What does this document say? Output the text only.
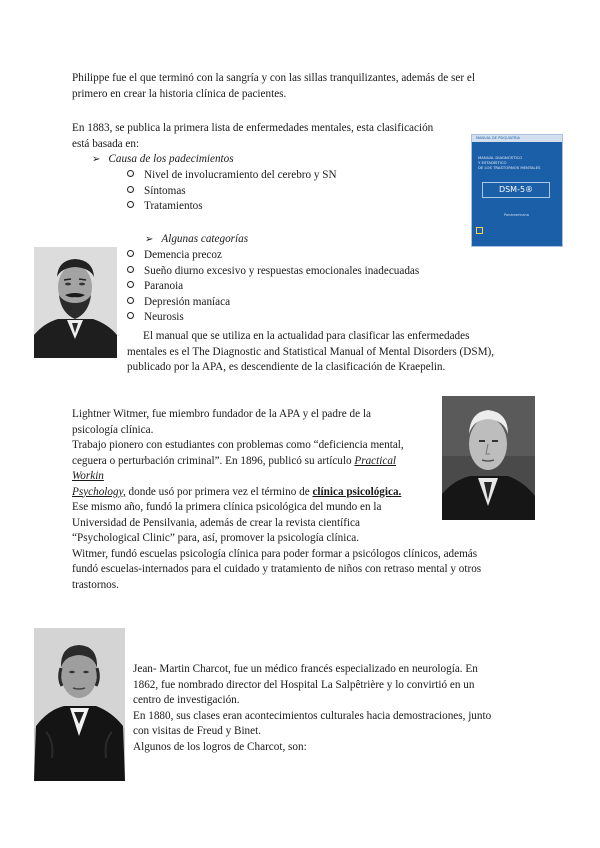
Philippe fue el que terminó con la sangría y con las sillas tranquilizantes, además de ser el
primero en crear la historia clínica de pacientes.
En 1883, se publica la primera lista de enfermedades mentales, esta clasificación
está basada en:
➢ Causa de los padecimientos
Nivel de involucramiento del cerebro y SN
Síntomas
Tratamientos
MANUAL DE PSIQUIATRÍA
MANUAL DIAGNÓSTICO
Y ESTADÍSTICO
DE LOS TRASTORNOS MENTALES
DSM-5®
Panamericana
➢ Algunas categorías
Demencia precoz
Sueño diurno excesivo y respuestas emocionales inadecuadas
Paranoia
Depresión maníaca
Neurosis
El manual que se utiliza en la actualidad para clasificar las enfermedades
mentales es el The Diagnostic and Statistical Manual of Mental Disorders (DSM),
publicado por la APA, es descendiente de la clasificación de Kraepelin.
Lightner Witmer, fue miembro fundador de la APA y el padre de la
psicología clínica.
Trabajo pionero con estudiantes con problemas como “deficiencia mental,
ceguera o perturbación criminal”. En 1896, publicó su artículo Practical
Workin
Psychology, donde usó por primera vez el término de clínica psicológica.
Ese mismo año, fundó la primera clínica psicológica del mundo en la
Universidad de Pensilvania, además de crear la revista científica
“Psychological Clinic” para, así, promover la psicología clínica.
Witmer, fundó escuelas psicología clínica para poder formar a psicólogos clínicos, además
fundó escuelas-internados para el cuidado y tratamiento de niños con retraso mental y otros
trastornos.
Jean- Martin Charcot, fue un médico francés especializado en neurología. En
1862, fue nombrado director del Hospital La Salpêtrière y lo convirtió en un
centro de investigación.
En 1880, sus clases eran acontecimientos culturales hacia demostraciones, junto
con visitas de Freud y Binet.
Algunos de los logros de Charcot, son:
